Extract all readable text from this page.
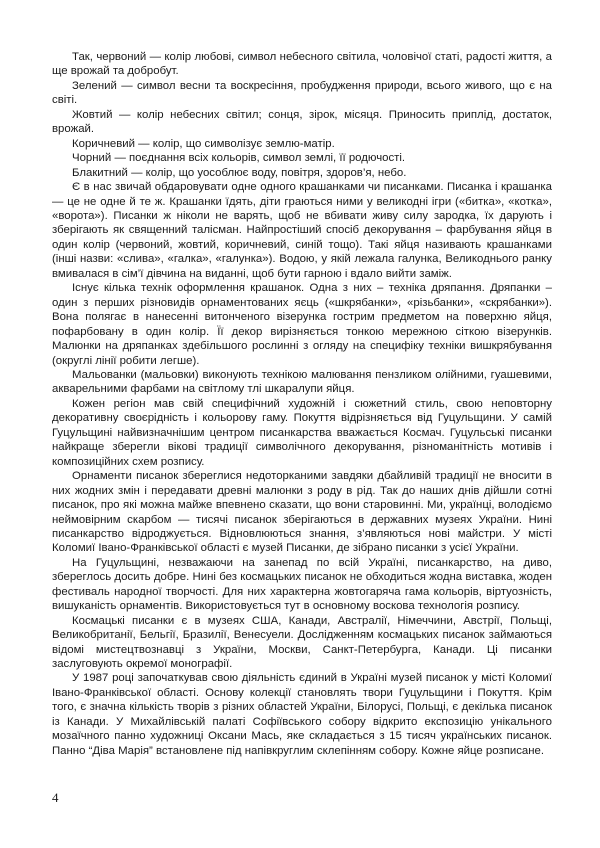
Так, червоний — колір любові, символ небесного світила, чоловічої статі, радості життя, а ще врожай та добробут.

Зелений — символ весни та воскресіння, пробудження природи, всього живого, що є на світі.

Жовтий — колір небесних світил; сонця, зірок, місяця. Приносить приплід, достаток, врожай.

Коричневий — колір, що символізує землю-матір.

Чорний — поєднання всіх кольорів, символ землі, її родючості.

Блакитний — колір, що уособлює воду, повітря, здоров’я, небо.

Є в нас звичай обдаровувати одне одного крашанками чи писанками. Писанка і крашанка — це не одне й те ж. Крашанки їдять, діти граються ними у великодні ігри («битка», «котка», «ворота»). Писанки ж ніколи не варять, щоб не вбивати живу силу зародка, їх дарують і зберігають як священний талісман. Найпростіший спосіб декорування – фарбування яйця в один колір (червоний, жовтий, коричневий, синій тощо). Такі яйця називають крашанками (інші назви: «слива», «галка», «галунка»). Водою, у якій лежала галунка, Великоднього ранку вмивалася в сім’ї дівчина на виданні, щоб бути гарною і вдало вийти заміж.

Існує кілька технік оформлення крашанок. Одна з них – техніка дряпання. Дряпанки – один з перших різновидів орнаментованих яєць («шкрябанки», «різьбанки», «скрябанки»). Вона полягає в нанесенні витонченого візерунка гострим предметом на поверхню яйця, пофарбовану в один колір. Її декор вирізняється тонкою мережною сіткою візерунків. Малюнки на дряпанках здебільшого рослинні з огляду на специфіку техніки вишкрябування (округлі лінії робити легше).

Мальованки (мальовки) виконують технікою малювання пензликом олійними, гуашевими, акварельними фарбами на світлому тлі шкаралупи яйця.

Кожен регіон мав свій специфічний художній і сюжетний стиль, свою неповторну декоративну своєрідність і кольорову гаму. Покуття відрізняється від Гуцульщини. У самій Гуцульщині найвизначнішим центром писанкарства вважається Космач. Гуцульські писанки найкраще зберегли вікові традиції символічного декорування, різноманітність мотивів і композиційних схем розпису.

Орнаменти писанок збереглися недоторканими завдяки дбайливій традиції не вносити в них жодних змін і передавати древні малюнки з роду в рід. Так до наших днів дійшли сотні писанок, про які можна майже впевнено сказати, що вони старовинні. Ми, українці, володіємо неймовірним скарбом — тисячі писанок зберігаються в державних музеях України. Нині писанкарство відроджується. Відновлюються знання, з’являються нові майстри. У місті Коломиї Івано-Франківської області є музей Писанки, де зібрано писанки з усієї України.

На Гуцульщині, незважаючи на занепад по всій Україні, писанкарство, на диво, збереглось досить добре. Нині без космацьких писанок не обходиться жодна виставка, жоден фестиваль народної творчості. Для них характерна жовтогаряча гама кольорів, віртуозність, вишуканість орнаментів. Використовується тут в основному воскова технологія розпису.

Космацькі писанки є в музеях США, Канади, Австралії, Німеччини, Австрії, Польщі, Великобританії, Бельгії, Бразилії, Венесуели. Дослідженням космацьких писанок займаються відомі мистецтвознавці з України, Москви, Санкт-Петербурга, Канади. Ці писанки заслуговують окремої монографії.

У 1987 році започаткував свою діяльність єдиний в Україні музей писанок у місті Коломиї Івано-Франківської області. Основу колекції становлять твори Гуцульщини і Покуття. Крім того, є значна кількість творів з різних областей України, Білорусі, Польщі, є декілька писанок із Канади. У Михайлівській палаті Софіївського собору відкрито експозицію унікального мозаїчного панно художниці Оксани Мась, яке складається з 15 тисяч українських писанок. Панно “Діва Марія” встановлене під напівкруглим склепінням собору. Кожне яйце розписане.

4
